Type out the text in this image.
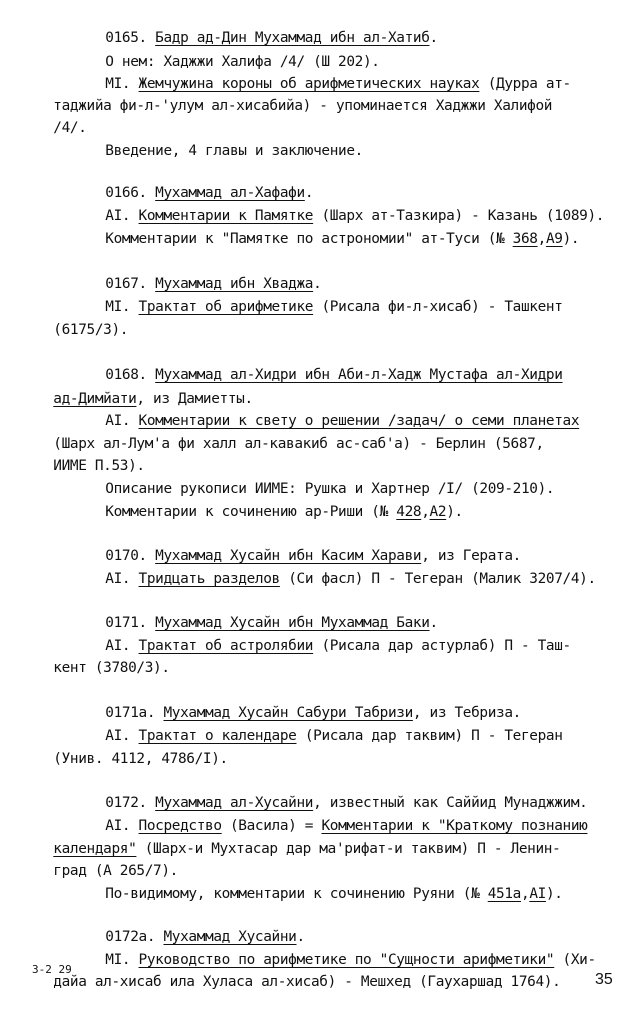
0165. Бадр ад-Дин Мухаммад ибн ал-Хатиб.

О нем: Хаджжи Халифа /4/ (Ш 202).

МI. Жемчужина короны об арифметических науках (Дурра ат-

таджийа фи-л-'улум ал-хисабийа) - упоминается Хаджжи Халифой

/4/.

Введение, 4 главы и заключение.

0166. Мухаммад ал-Хафафи.

АI. Комментарии к Памятке (Шарх ат-Тазкира) - Казань (1089).

Комментарии к "Памятке по астрономии" ат-Туси (№ 368,А9).

0167. Мухаммад ибн Хваджа.

МI. Трактат об арифметике (Рисала фи-л-хисаб) - Ташкент

(6175/3).

0168. Мухаммад ал-Хидри ибн Аби-л-Хадж Мустафа ал-Хидри

ад-Димйати, из Дамиетты.

АI. Комментарии к свету о решении /задач/ о семи планетах

(Шарх ал-Лум'а фи халл ал-кавакиб ас-саб'а) - Берлин (5687,

ИИМЕ П.53).

Описание рукописи ИИМЕ: Рушка и Хартнер /I/ (209-210).

Комментарии к сочинению ар-Риши (№ 428,А2).

0170. Мухаммад Хусайн ибн Касим Харави, из Герата.

АI. Тридцать разделов (Си фасл) П - Тегеран (Малик 3207/4).

0171. Мухаммад Хусайн ибн Мухаммад Баки.

АI. Трактат об астролябии (Рисала дар астурлаб) П - Таш-

кент (3780/3).

0171а. Мухаммад Хусайн Сабури Табризи, из Тебриза.

АI. Трактат о календаре (Рисала дар таквим) П - Тегеран

(Унив. 4112, 4786/I).

0172. Мухаммад ал-Хусайни, известный как Саййид Мунаджжим.

АI. Посредство (Васила) = Комментарии к "Краткому познанию

календаря" (Шарх-и Мухтасар дар ма'рифат-и таквим) П - Ленин-

град (А 265/7).

По-видимому, комментарии к сочинению Руяни (№ 451а,АI).

0172а. Мухаммад Хусайни.

МI. Руководство по арифметике по "Сущности арифметики" (Хи-

дайа ал-хисаб ила Хуласа ал-хисаб) - Мешхед (Гаухаршад 1764).

3-2 29
35
